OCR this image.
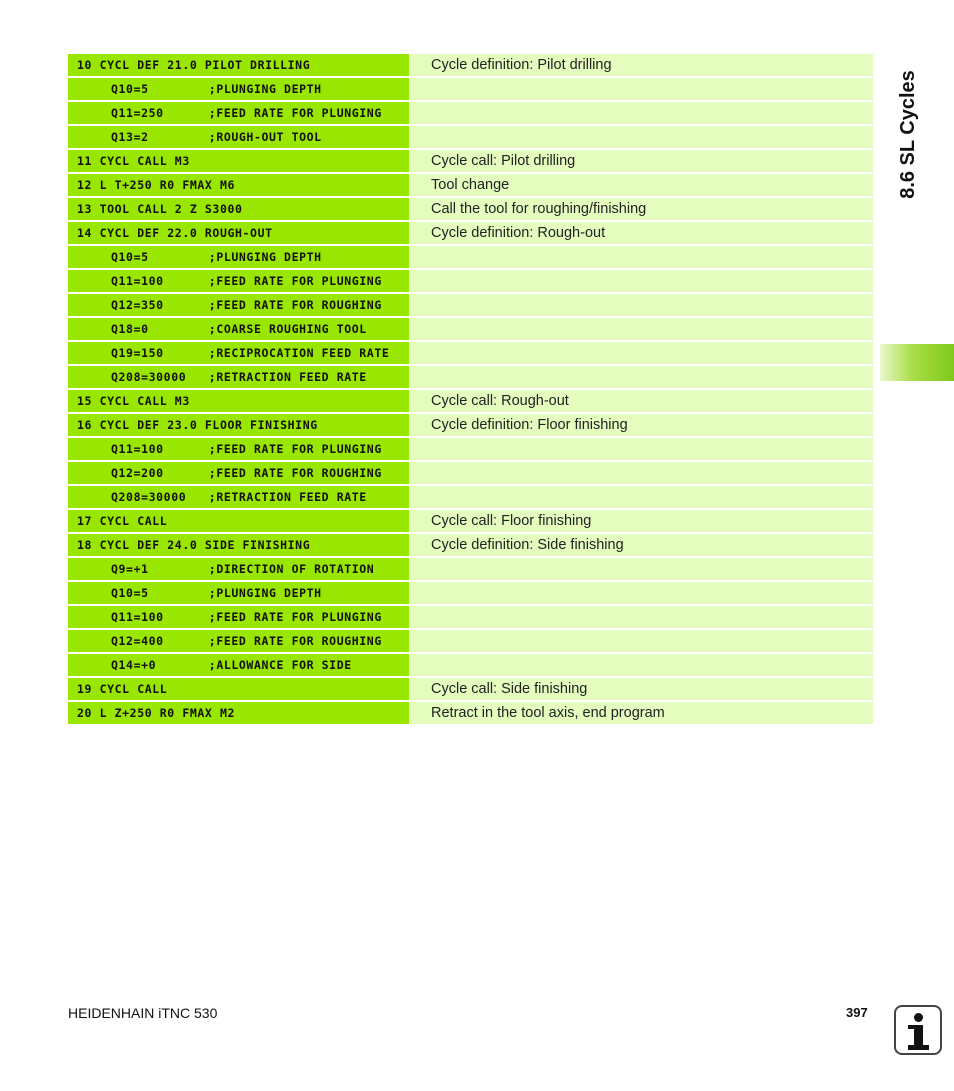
10 CYCL DEF 21.0 PILOT DRILLING	Cycle definition: Pilot drilling
Q10=5        ;PLUNGING DEPTH
Q11=250      ;FEED RATE FOR PLUNGING
Q13=2        ;ROUGH-OUT TOOL
11 CYCL CALL M3	Cycle call: Pilot drilling
12 L T+250 R0 FMAX M6	Tool change
13 TOOL CALL 2 Z S3000	Call the tool for roughing/finishing
14 CYCL DEF 22.0 ROUGH-OUT	Cycle definition: Rough-out
Q10=5        ;PLUNGING DEPTH
Q11=100      ;FEED RATE FOR PLUNGING
Q12=350      ;FEED RATE FOR ROUGHING
Q18=0        ;COARSE ROUGHING TOOL
Q19=150      ;RECIPROCATION FEED RATE
Q208=30000   ;RETRACTION FEED RATE
15 CYCL CALL M3	Cycle call: Rough-out
16 CYCL DEF 23.0 FLOOR FINISHING	Cycle definition: Floor finishing
Q11=100      ;FEED RATE FOR PLUNGING
Q12=200      ;FEED RATE FOR ROUGHING
Q208=30000   ;RETRACTION FEED RATE
17 CYCL CALL	Cycle call: Floor finishing
18 CYCL DEF 24.0 SIDE FINISHING	Cycle definition: Side finishing
Q9=+1        ;DIRECTION OF ROTATION
Q10=5        ;PLUNGING DEPTH
Q11=100      ;FEED RATE FOR PLUNGING
Q12=400      ;FEED RATE FOR ROUGHING
Q14=+0       ;ALLOWANCE FOR SIDE
19 CYCL CALL	Cycle call: Side finishing
20 L Z+250 R0 FMAX M2	Retract in the tool axis, end program
8.6 SL Cycles
HEIDENHAIN iTNC 530	397
